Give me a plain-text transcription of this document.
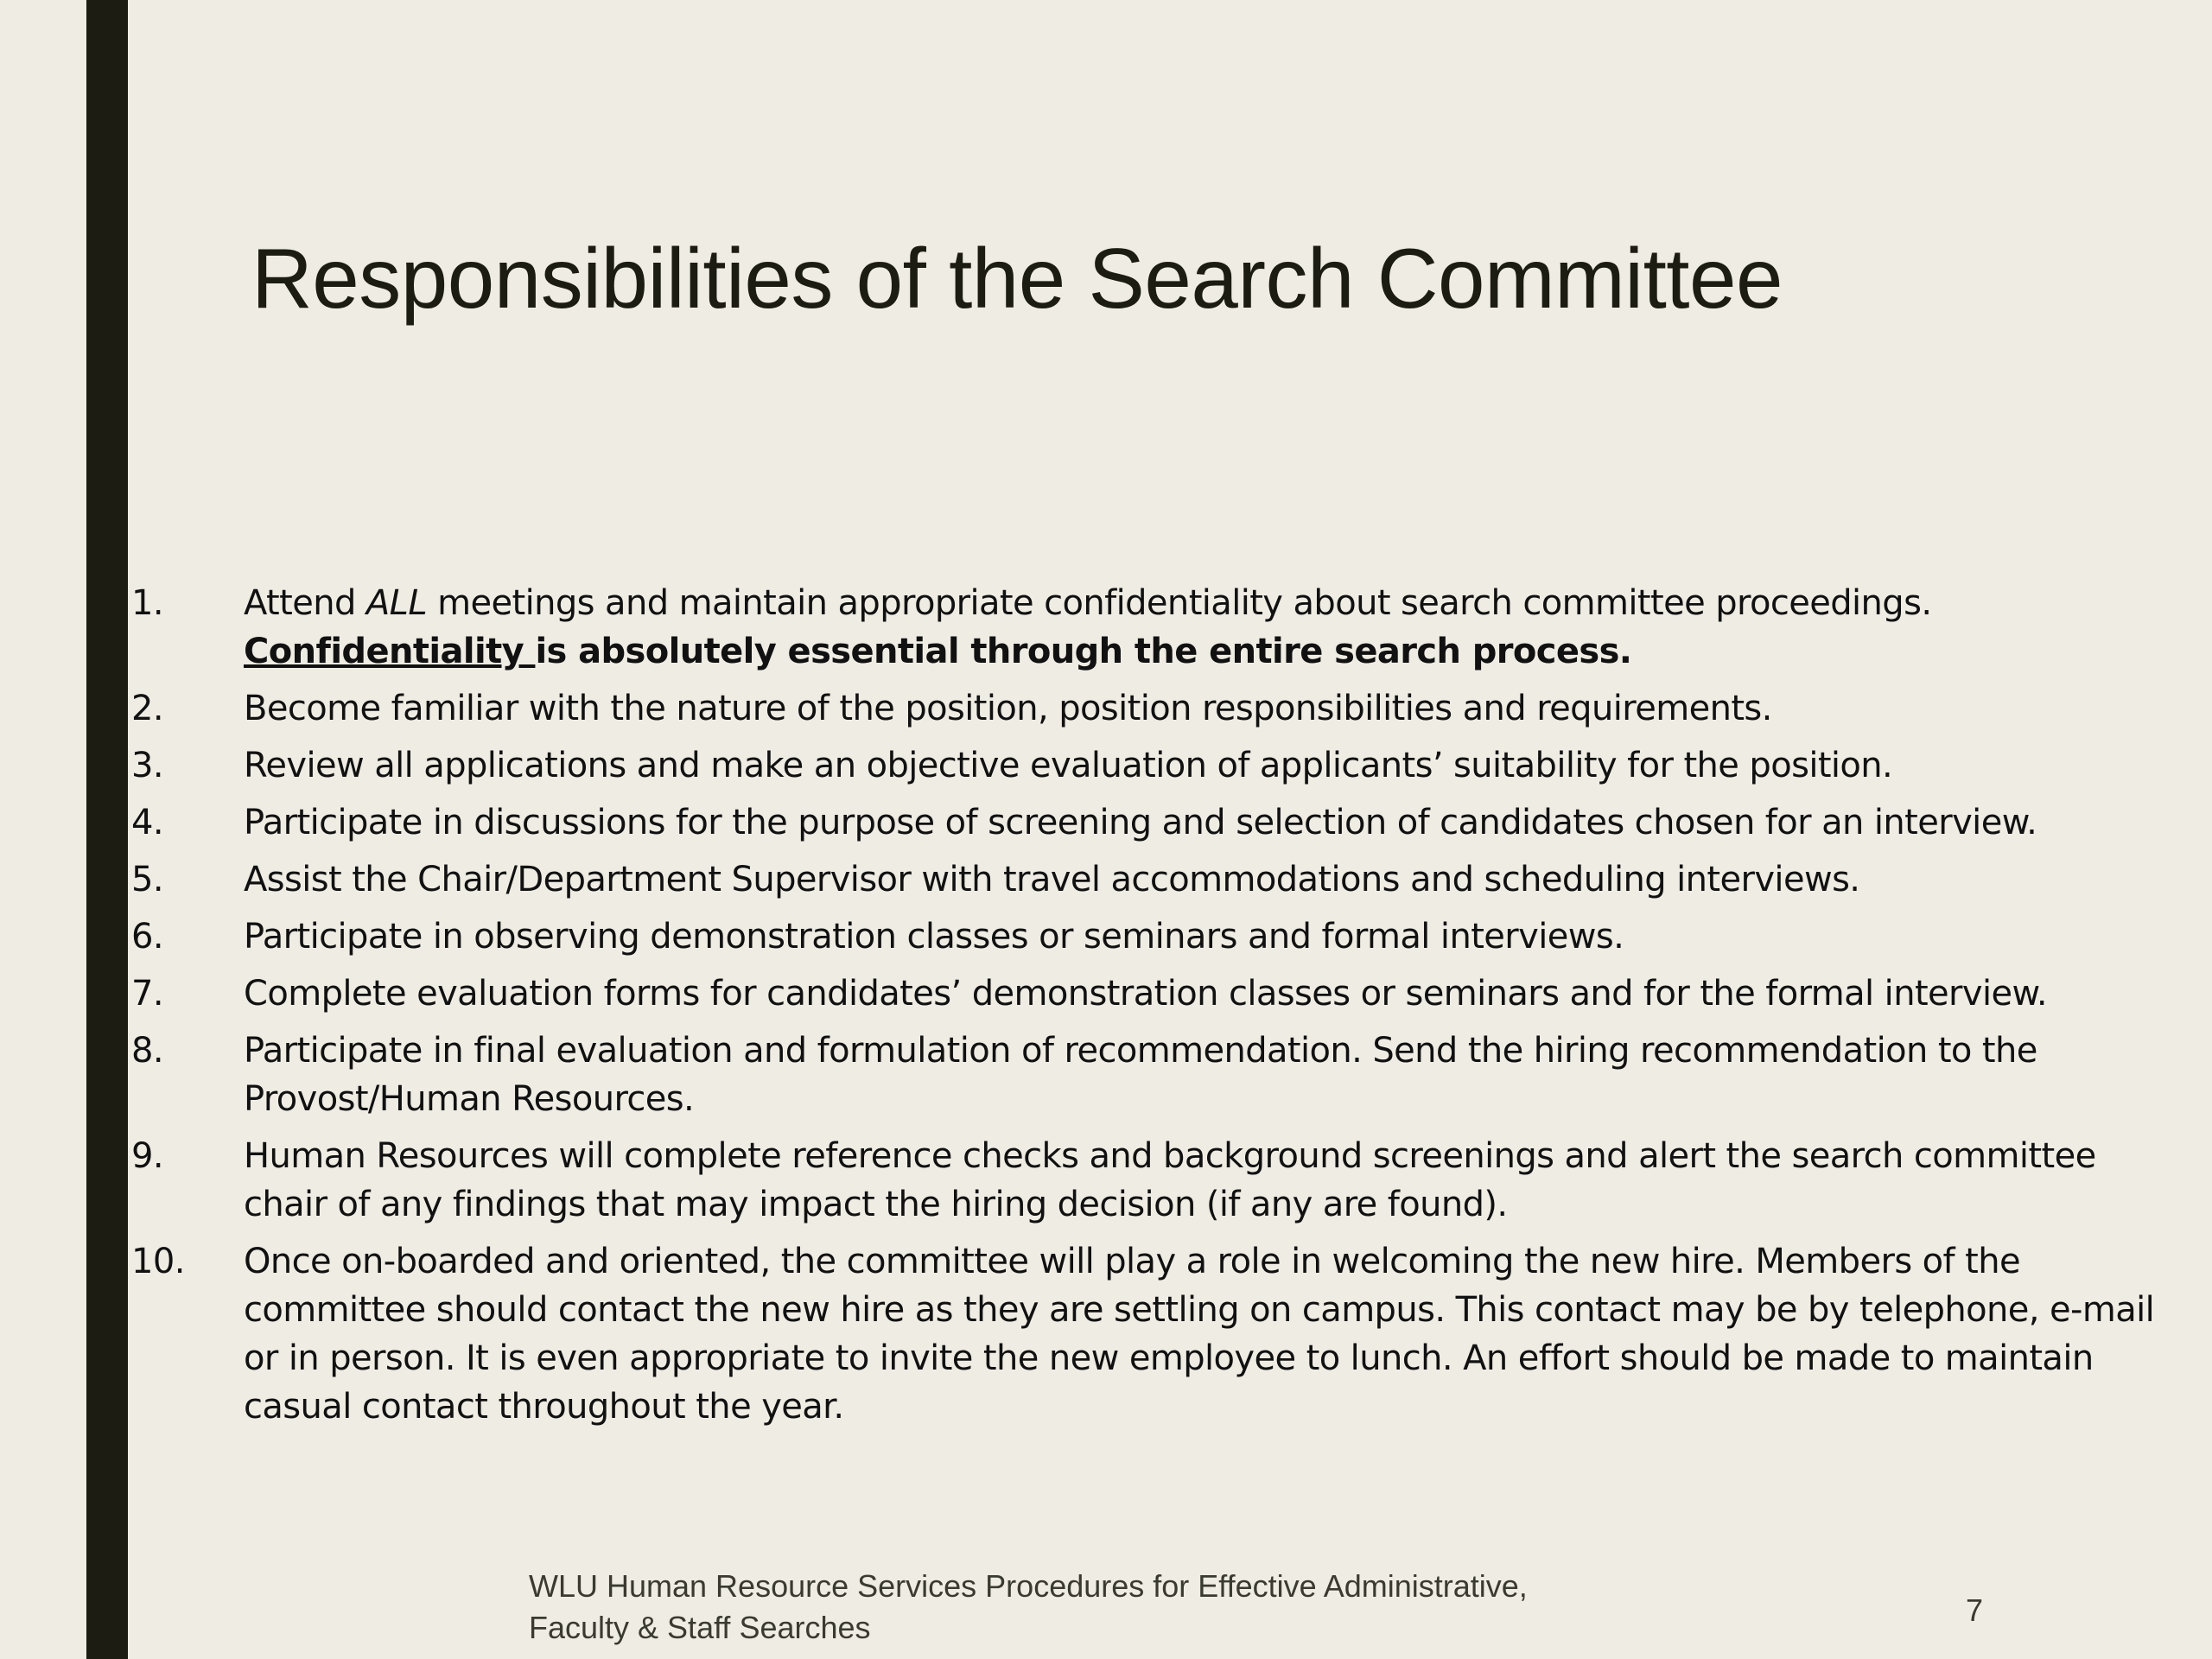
Responsibilities of the Search Committee
1. Attend ALL meetings and maintain appropriate confidentiality about search committee proceedings.
Confidentiality is absolutely essential through the entire search process.
2. Become familiar with the nature of the position, position responsibilities and requirements.
3. Review all applications and make an objective evaluation of applicants’ suitability for the position.
4. Participate in discussions for the purpose of screening and selection of candidates chosen for an interview.
5. Assist the Chair/Department Supervisor with travel accommodations and scheduling interviews.
6. Participate in observing demonstration classes or seminars and formal interviews.
7. Complete evaluation forms for candidates’ demonstration classes or seminars and for the formal interview.
8. Participate in final evaluation and formulation of recommendation. Send the hiring recommendation to the
Provost/Human Resources.
9. Human Resources will complete reference checks and background screenings and alert the search committee
chair of any findings that may impact the hiring decision (if any are found).
10. Once on-boarded and oriented, the committee will play a role in welcoming the new hire. Members of the
committee should contact the new hire as they are settling on campus. This contact may be by telephone, e-mail
or in person. It is even appropriate to invite the new employee to lunch. An effort should be made to maintain
casual contact throughout the year.
WLU Human Resource Services Procedures for Effective Administrative,
Faculty & Staff Searches	7
